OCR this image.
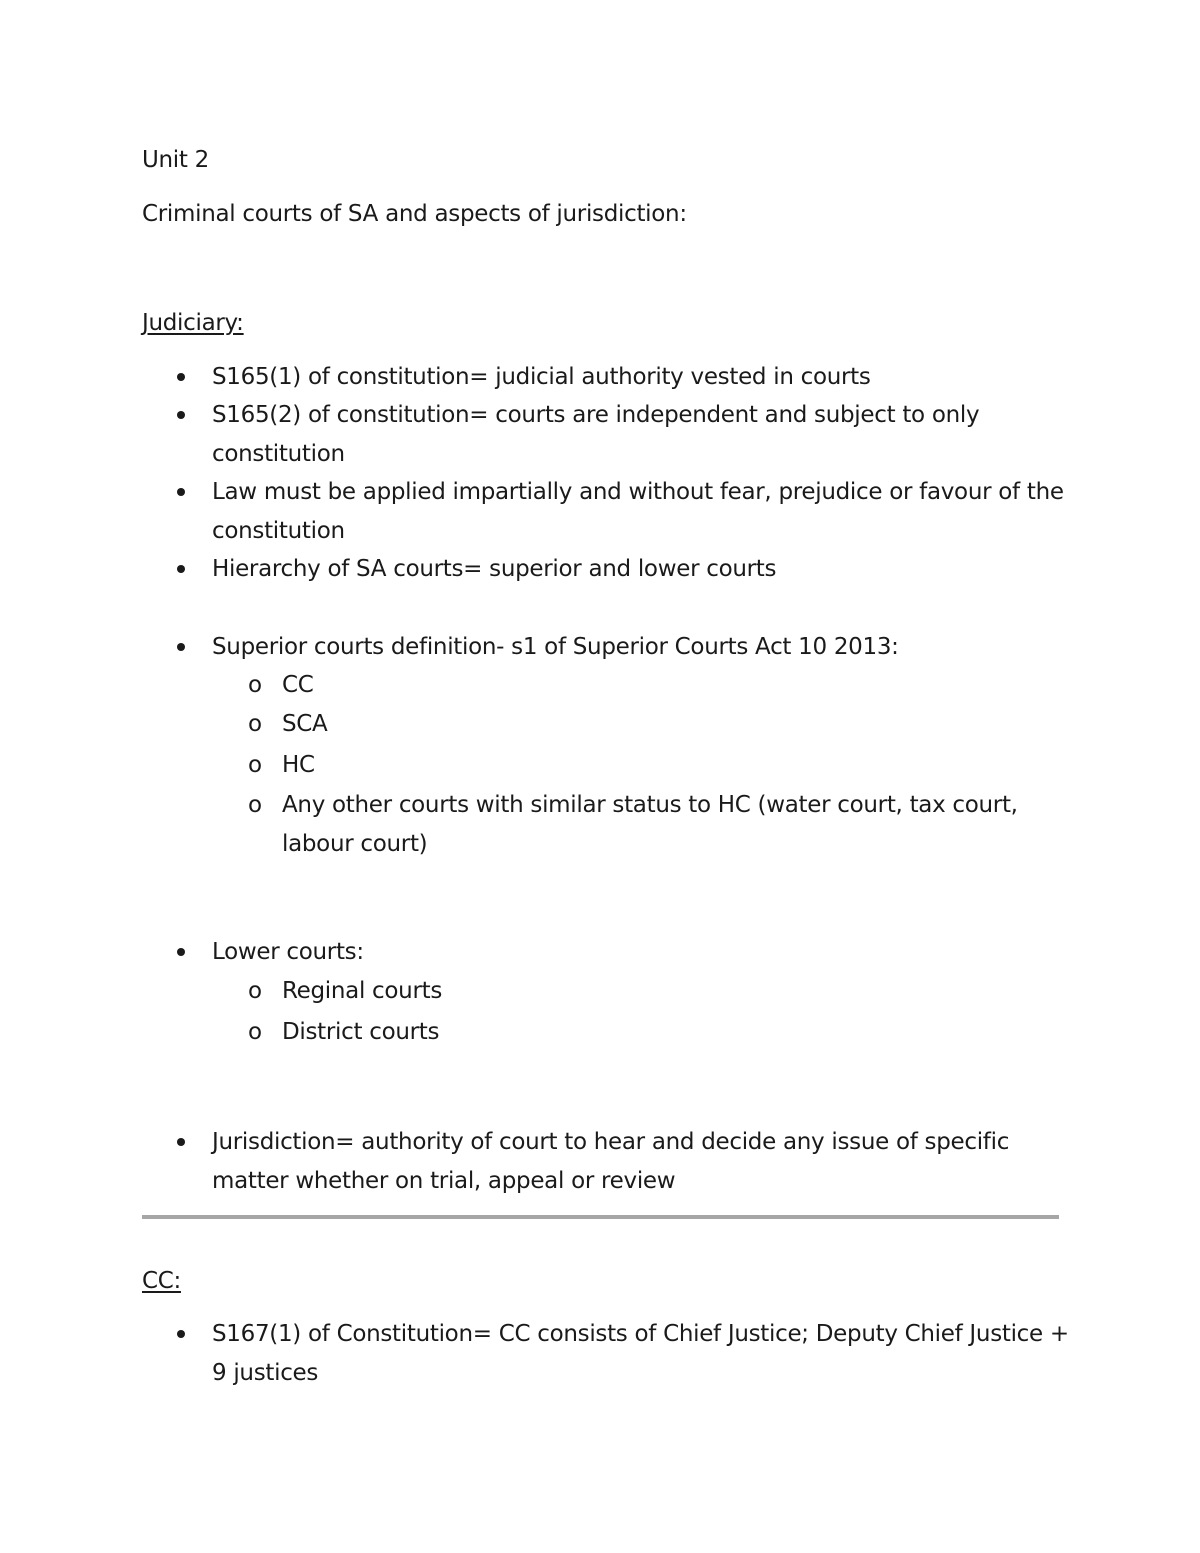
Unit 2
Criminal courts of SA and aspects of jurisdiction:
Judiciary:
S165(1) of constitution= judicial authority vested in courts
S165(2) of constitution= courts are independent and subject to only
constitution
Law must be applied impartially and without fear, prejudice or favour of the
constitution
Hierarchy of SA courts= superior and lower courts
Superior courts definition- s1 of Superior Courts Act 10 2013:
o CC
o SCA
o HC
o Any other courts with similar status to HC (water court, tax court,
labour court)
Lower courts:
o Reginal courts
o District courts
Jurisdiction= authority of court to hear and decide any issue of specific
matter whether on trial, appeal or review
CC:
S167(1) of Constitution= CC consists of Chief Justice; Deputy Chief Justice +
9 justices
